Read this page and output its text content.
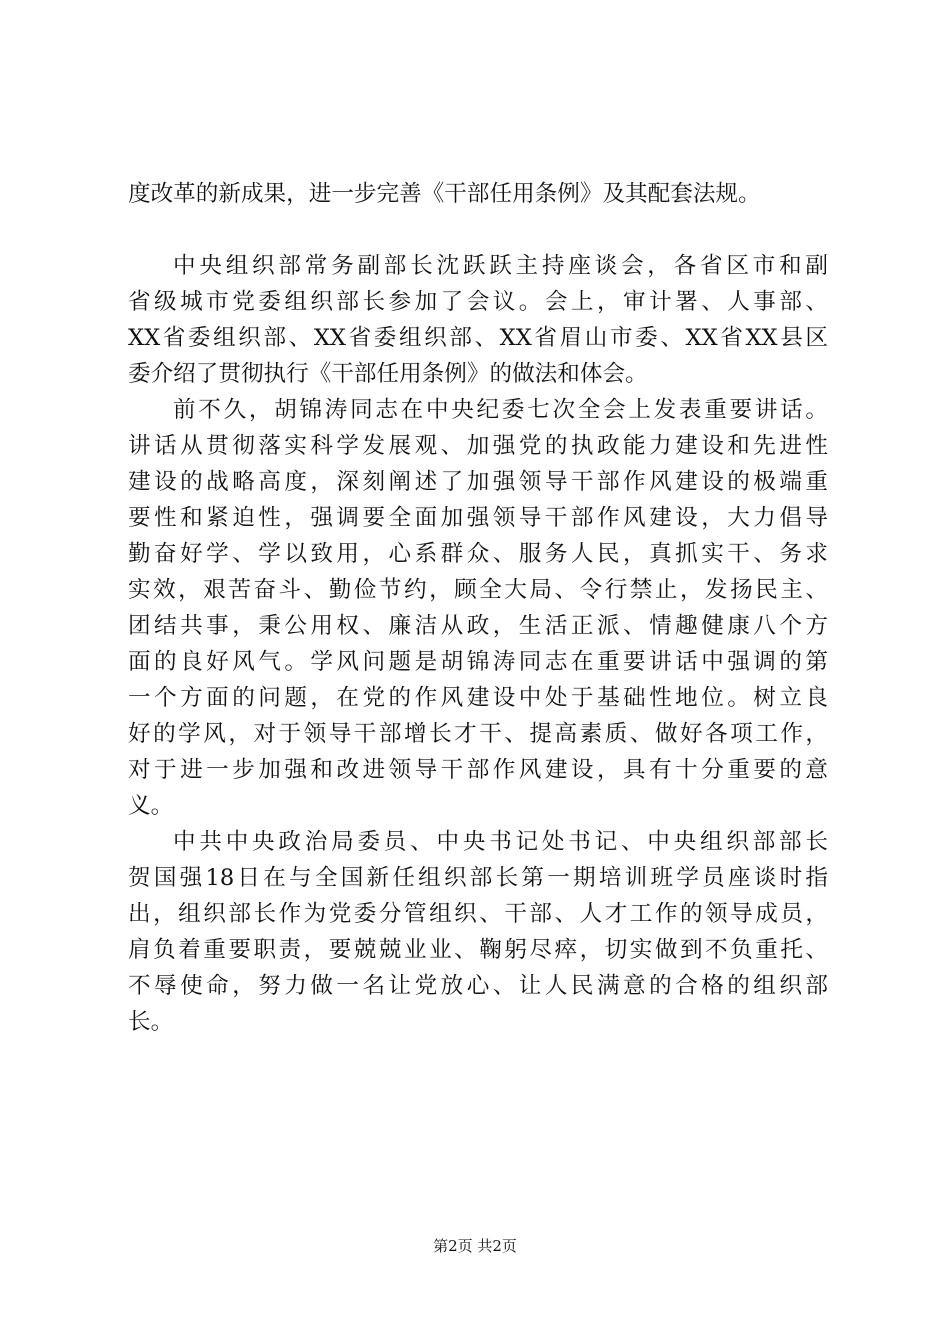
度改革的新成果，进一步完善《干部任用条例》及其配套法规。
中央组织部常务副部长沈跃跃主持座谈会，各省区市和副
省级城市党委组织部长参加了会议。会上，审计署、人事部、
XX省委组织部、XX省委组织部、XX省眉山市委、XX省XX县区
委介绍了贯彻执行《干部任用条例》的做法和体会。
前不久，胡锦涛同志在中央纪委七次全会上发表重要讲话。
讲话从贯彻落实科学发展观、加强党的执政能力建设和先进性
建设的战略高度，深刻阐述了加强领导干部作风建设的极端重
要性和紧迫性，强调要全面加强领导干部作风建设，大力倡导
勤奋好学、学以致用，心系群众、服务人民，真抓实干、务求
实效，艰苦奋斗、勤俭节约，顾全大局、令行禁止，发扬民主、
团结共事，秉公用权、廉洁从政，生活正派、情趣健康八个方
面的良好风气。学风问题是胡锦涛同志在重要讲话中强调的第
一个方面的问题，在党的作风建设中处于基础性地位。树立良
好的学风，对于领导干部增长才干、提高素质、做好各项工作，
对于进一步加强和改进领导干部作风建设，具有十分重要的意
义。
中共中央政治局委员、中央书记处书记、中央组织部部长
贺国强18日在与全国新任组织部长第一期培训班学员座谈时指
出，组织部长作为党委分管组织、干部、人才工作的领导成员，
肩负着重要职责，要兢兢业业、鞠躬尽瘁，切实做到不负重托、
不辱使命，努力做一名让党放心、让人民满意的合格的组织部
长。
第2页 共2页
